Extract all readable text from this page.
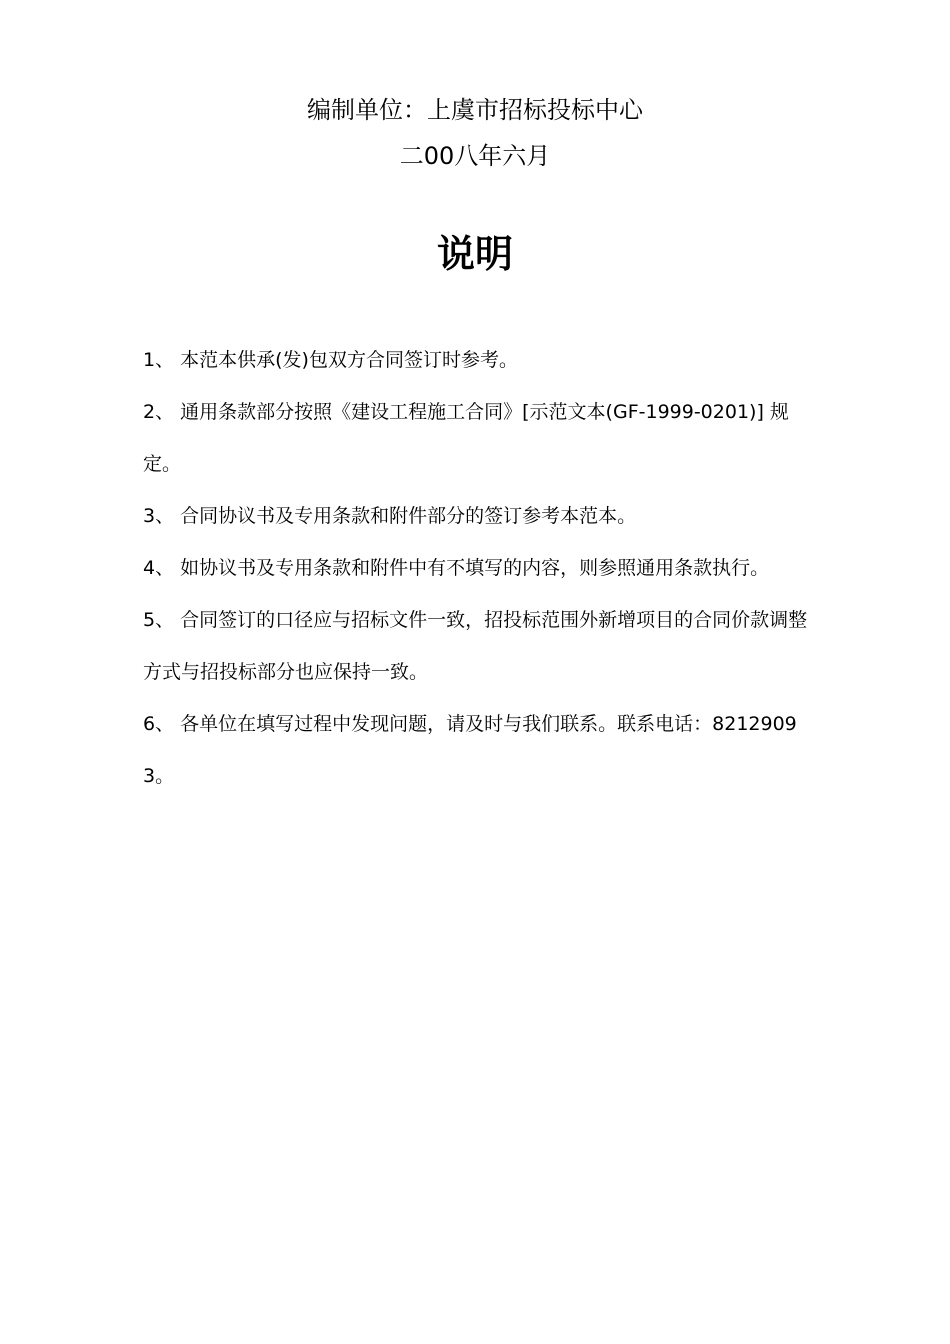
编制单位：上虞市招标投标中心
二00八年六月
说明

1、 本范本供承(发)包双方合同签订时参考。

2、 通用条款部分按照《建设工程施工合同》[示范文本(GF-1999-0201)] 规定。

3、 合同协议书及专用条款和附件部分的签订参考本范本。

4、 如协议书及专用条款和附件中有不填写的内容，则参照通用条款执行。

5、 合同签订的口径应与招标文件一致，招投标范围外新增项目的合同价款调整方式与招投标部分也应保持一致。

6、 各单位在填写过程中发现问题，请及时与我们联系。联系电话：82129093。
